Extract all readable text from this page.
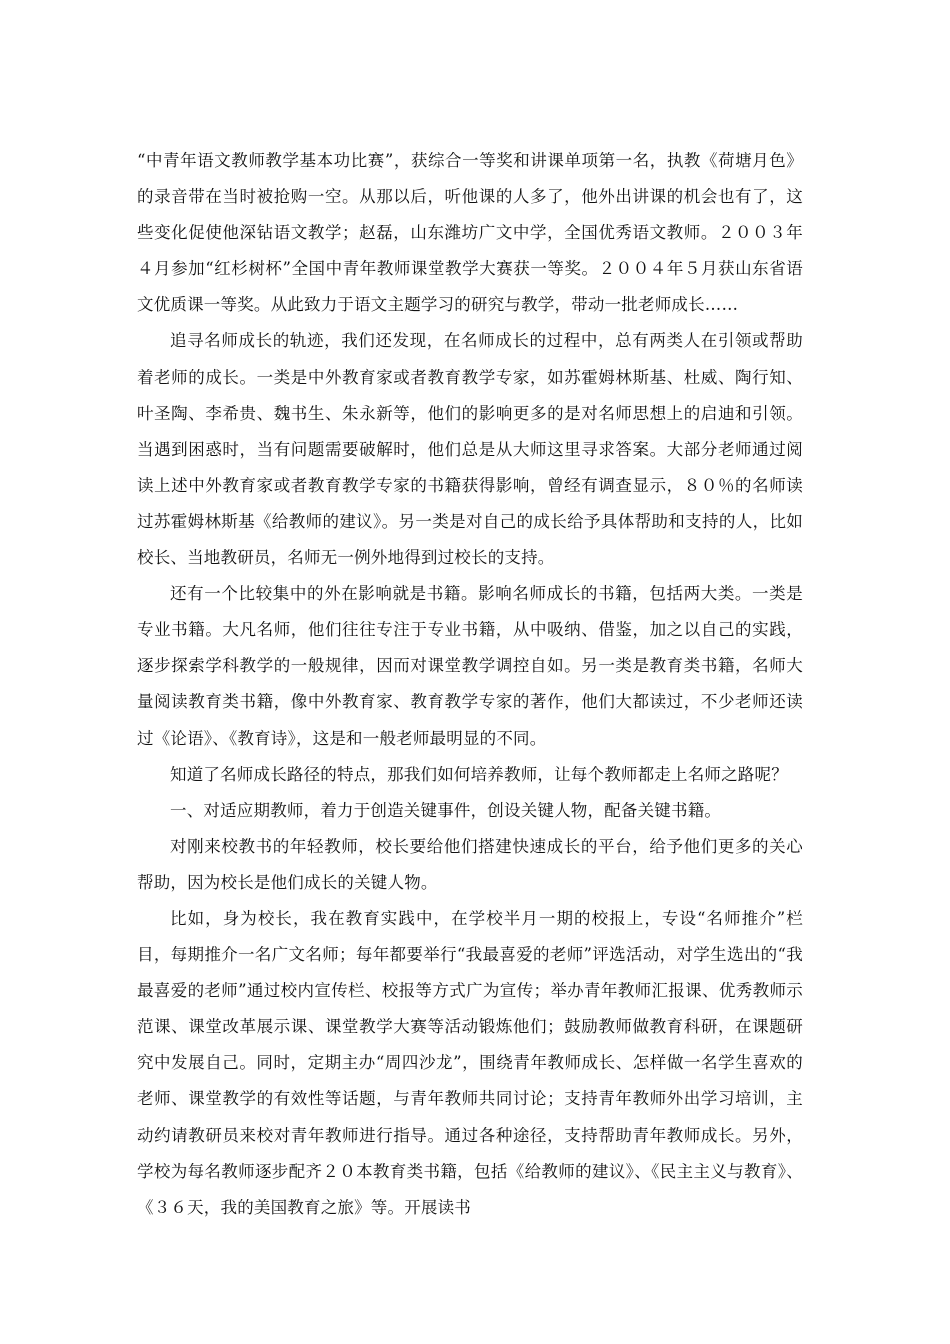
“中青年语文教师教学基本功比赛”，获综合一等奖和讲课单项第一名，执教《荷塘月色》的录音带在当时被抢购一空。从那以后，听他课的人多了，他外出讲课的机会也有了，这些变化促使他深钻语文教学；赵磊，山东潍坊广文中学，全国优秀语文教师。２００３年４月参加“红杉树杯”全国中青年教师课堂教学大赛获一等奖。２００４年５月获山东省语文优质课一等奖。从此致力于语文主题学习的研究与教学，带动一批老师成长……

追寻名师成长的轨迹，我们还发现，在名师成长的过程中，总有两类人在引领或帮助着老师的成长。一类是中外教育家或者教育教学专家，如苏霍姆林斯基、杜威、陶行知、叶圣陶、李希贵、魏书生、朱永新等，他们的影响更多的是对名师思想上的启迪和引领。当遇到困惑时，当有问题需要破解时，他们总是从大师这里寻求答案。大部分老师通过阅读上述中外教育家或者教育教学专家的书籍获得影响，曾经有调查显示，８０％的名师读过苏霍姆林斯基《给教师的建议》。另一类是对自己的成长给予具体帮助和支持的人，比如校长、当地教研员，名师无一例外地得到过校长的支持。

还有一个比较集中的外在影响就是书籍。影响名师成长的书籍，包括两大类。一类是专业书籍。大凡名师，他们往往专注于专业书籍，从中吸纳、借鉴，加之以自己的实践，逐步探索学科教学的一般规律，因而对课堂教学调控自如。另一类是教育类书籍，名师大量阅读教育类书籍，像中外教育家、教育教学专家的著作，他们大都读过，不少老师还读过《论语》、《教育诗》，这是和一般老师最明显的不同。

知道了名师成长路径的特点，那我们如何培养教师，让每个教师都走上名师之路呢？

一、对适应期教师，着力于创造关键事件，创设关键人物，配备关键书籍。

对刚来校教书的年轻教师，校长要给他们搭建快速成长的平台，给予他们更多的关心帮助，因为校长是他们成长的关键人物。

比如，身为校长，我在教育实践中，在学校半月一期的校报上，专设“名师推介”栏目，每期推介一名广文名师；每年都要举行“我最喜爱的老师”评选活动，对学生选出的“我最喜爱的老师”通过校内宣传栏、校报等方式广为宣传；举办青年教师汇报课、优秀教师示范课、课堂改革展示课、课堂教学大赛等活动锻炼他们；鼓励教师做教育科研，在课题研究中发展自己。同时，定期主办“周四沙龙”，围绕青年教师成长、怎样做一名学生喜欢的老师、课堂教学的有效性等话题，与青年教师共同讨论；支持青年教师外出学习培训，主动约请教研员来校对青年教师进行指导。通过各种途径，支持帮助青年教师成长。另外，学校为每名教师逐步配齐２０本教育类书籍，包括《给教师的建议》、《民主主义与教育》、《３６天，我的美国教育之旅》等。开展读书
